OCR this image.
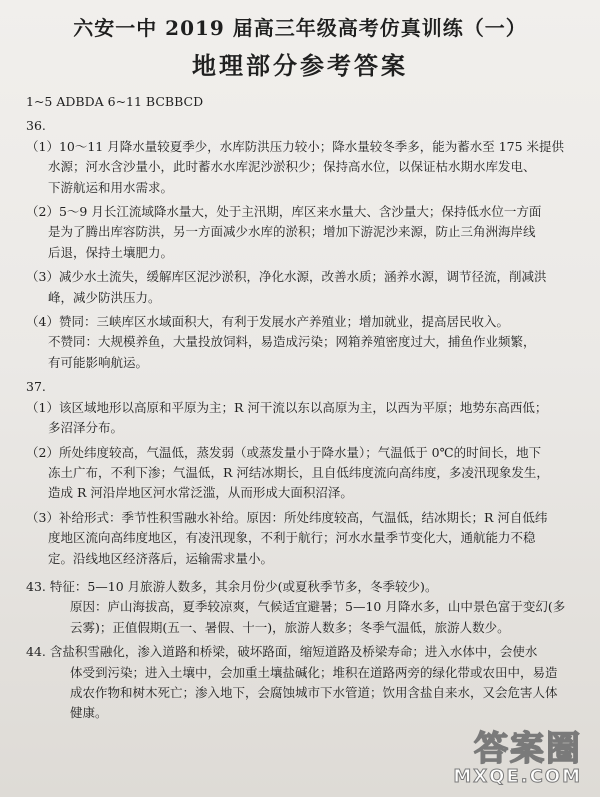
六安一中 2019 届高三年级高考仿真训练（一）
地理部分参考答案
1~5 ADBDA 6~11 BCBBCD
36.
（1）10～11 月降水量较夏季少，水库防洪压力较小；降水量较冬季多，能为蓄水至 175 米提供
水源；河水含沙量小，此时蓄水水库泥沙淤积少；保持高水位，以保证枯水期水库发电、
下游航运和用水需求。
（2）5～9 月长江流域降水量大，处于主汛期，库区来水量大、含沙量大；保持低水位一方面
是为了腾出库容防洪，另一方面减少水库的淤积；增加下游泥沙来源，防止三角洲海岸线
后退，保持土壤肥力。
（3）减少水土流失，缓解库区泥沙淤积，净化水源，改善水质；涵养水源，调节径流，削减洪
峰，减少防洪压力。
（4）赞同：三峡库区水域面积大，有利于发展水产养殖业；增加就业，提高居民收入。
不赞同：大规模养鱼，大量投放饲料，易造成污染；网箱养殖密度过大，捕鱼作业频繁，
有可能影响航运。
37.
（1）该区域地形以高原和平原为主；R 河干流以东以高原为主，以西为平原；地势东高西低；
多沼泽分布。
（2）所处纬度较高，气温低，蒸发弱（或蒸发量小于降水量）；气温低于 0℃的时间长，地下
冻土广布，不利下渗；气温低，R 河结冰期长，且自低纬度流向高纬度，多凌汛现象发生，
造成 R 河沿岸地区河水常泛滥，从而形成大面积沼泽。
（3）补给形式：季节性积雪融水补给。原因：所处纬度较高，气温低，结冰期长；R 河自低纬
度地区流向高纬度地区，有凌汛现象，不利于航行；河水水量季节变化大，通航能力不稳
定。沿线地区经济落后，运输需求量小。
43. 特征：5—10 月旅游人数多，其余月份少(或夏秋季节多，冬季较少)。
原因：庐山海拔高，夏季较凉爽，气候适宜避暑；5—10 月降水多，山中景色富于变幻(多
云雾)；正值假期(五一、暑假、十一)，旅游人数多；冬季气温低，旅游人数少。
44. 含盐积雪融化，渗入道路和桥梁，破坏路面，缩短道路及桥梁寿命；进入水体中，会使水
体受到污染；进入土壤中，会加重土壤盐碱化；堆积在道路两旁的绿化带或农田中，易造
成农作物和树木死亡；渗入地下，会腐蚀城市下水管道；饮用含盐自来水，又会危害人体
健康。
答案圈
MXQE.COM
